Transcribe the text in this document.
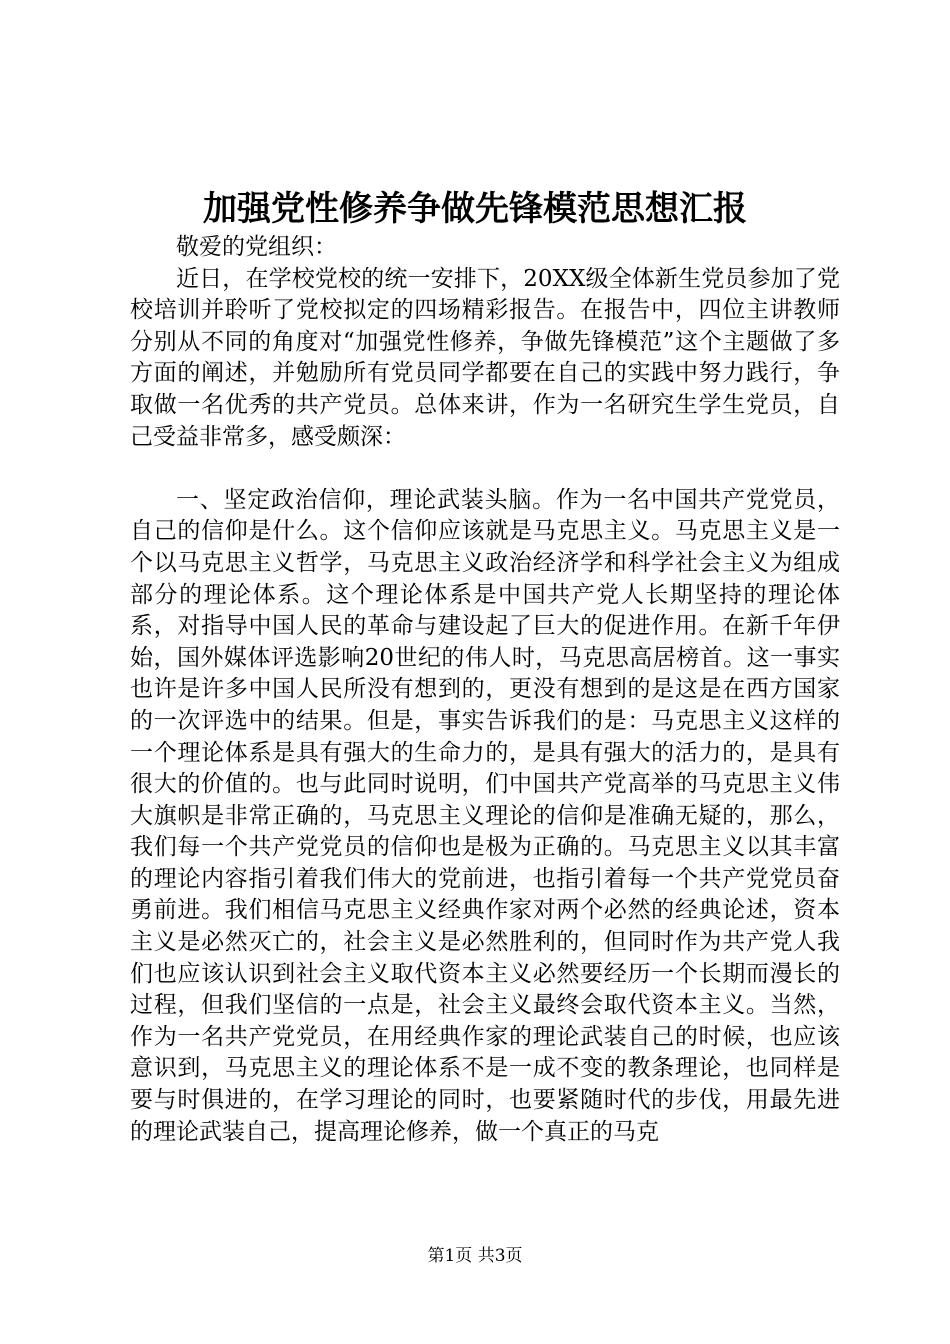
加强党性修养争做先锋模范思想汇报

敬爱的党组织：

近日，在学校党校的统一安排下，20XX级全体新生党员参加了党校培训并聆听了党校拟定的四场精彩报告。在报告中，四位主讲教师分别从不同的角度对“加强党性修养，争做先锋模范”这个主题做了多方面的阐述，并勉励所有党员同学都要在自己的实践中努力践行，争取做一名优秀的共产党员。总体来讲，作为一名研究生学生党员，自己受益非常多，感受颇深：

一、坚定政治信仰，理论武装头脑。作为一名中国共产党党员，自己的信仰是什么。这个信仰应该就是马克思主义。马克思主义是一个以马克思主义哲学，马克思主义政治经济学和科学社会主义为组成部分的理论体系。这个理论体系是中国共产党人长期坚持的理论体系，对指导中国人民的革命与建设起了巨大的促进作用。在新千年伊始，国外媒体评选影响20世纪的伟人时，马克思高居榜首。这一事实也许是许多中国人民所没有想到的，更没有想到的是这是在西方国家的一次评选中的结果。但是，事实告诉我们的是：马克思主义这样的一个理论体系是具有强大的生命力的，是具有强大的活力的，是具有很大的价值的。也与此同时说明，们中国共产党高举的马克思主义伟大旗帜是非常正确的，马克思主义理论的信仰是准确无疑的，那么，我们每一个共产党党员的信仰也是极为正确的。马克思主义以其丰富的理论内容指引着我们伟大的党前进，也指引着每一个共产党党员奋勇前进。我们相信马克思主义经典作家对两个必然的经典论述，资本主义是必然灭亡的，社会主义是必然胜利的，但同时作为共产党人我们也应该认识到社会主义取代资本主义必然要经历一个长期而漫长的过程，但我们坚信的一点是，社会主义最终会取代资本主义。当然，作为一名共产党党员，在用经典作家的理论武装自己的时候，也应该意识到，马克思主义的理论体系不是一成不变的教条理论，也同样是要与时俱进的，在学习理论的同时，也要紧随时代的步伐，用最先进的理论武装自己，提高理论修养，做一个真正的马克

第1页 共3页
